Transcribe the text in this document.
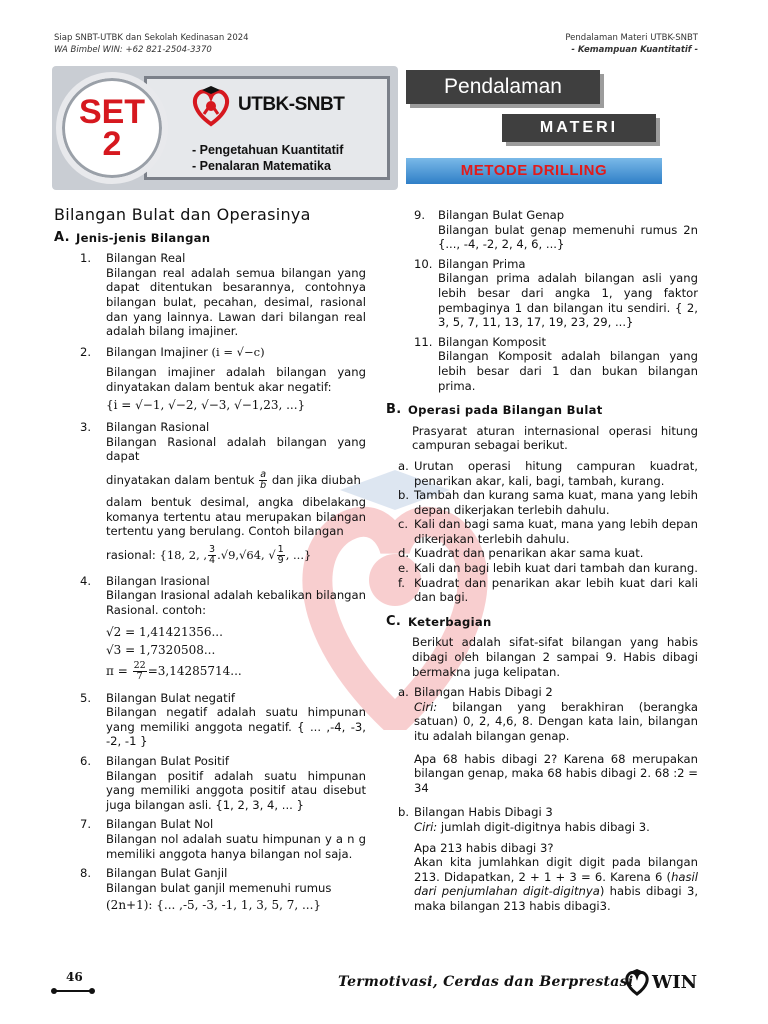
Siap SNBT-UTBK dan Sekolah Kedinasan 2024
WA Bimbel WIN: +62 821-2504-3370
Pendalaman Materi UTBK-SNBT
- Kemampuan Kuantitatif -
SET
2
UTBK-SNBT
- Pengetahuan Kuantitatif
- Penalaran Matematika
Pendalaman
MATERI
METODE DRILLING
Bilangan Bulat dan Operasinya
A. Jenis-jenis Bilangan
1.	Bilangan Real
Bilangan real adalah semua bilangan yang dapat ditentukan besarannya, contohnya bilangan bulat, pecahan, desimal, rasional dan yang lainnya. Lawan dari bilangan real adalah bilang imajiner.
2.	Bilangan Imajiner (i = √−c)
Bilangan imajiner adalah bilangan yang dinyatakan dalam bentuk akar negatif:
{i = √−1, √−2, √−3, √−1,23, ...}
3.	Bilangan Rasional
Bilangan Rasional adalah bilangan yang dapat
dinyatakan dalam bentuk $\frac{a}{b}$ dan jika diubah
dalam bentuk desimal, angka dibelakang komanya tertentu atau merupakan bilangan tertentu yang berulang. Contoh bilangan
rasional: {18, 2, , $\frac{3}{4} .√9,√64$, √ $\frac{1}{9}$ , ...}
4.	Bilangan Irasional
Bilangan Irasional adalah kebalikan bilangan Rasional. contoh:
√2 = 1,41421356...
√3 = 1,7320508...
$\pi = \frac{22}{7} =3,14285714$...
5.	Bilangan Bulat negatif
Bilangan negatif adalah suatu himpunan yang memiliki anggota negatif. { ... ,-4, -3, -2, -1 }
6.	Bilangan Bulat Positif
Bilangan positif adalah suatu himpunan yang memiliki anggota positif atau disebut juga bilangan asli. {1, 2, 3, 4, ... }
7.	Bilangan Bulat Nol
Bilangan nol adalah suatu himpunan y a n g memiliki anggota hanya bilangan nol saja.
8.	Bilangan Bulat Ganjil
Bilangan bulat ganjil memenuhi rumus
(2n+1): {... ,-5, -3, -1, 1, 3, 5, 7, ...}
9.	Bilangan Bulat Genap
Bilangan bulat genap memenuhi rumus 2n {..., -4, -2, 2, 4, 6, ...}
10. Bilangan Prima
Bilangan prima adalah bilangan asli yang lebih besar dari angka 1, yang faktor pembaginya 1 dan bilangan itu sendiri. { 2, 3, 5, 7, 11, 13, 17, 19, 23, 29, ...}
11. Bilangan Komposit
Bilangan Komposit adalah bilangan yang lebih besar dari 1 dan bukan bilangan prima.
B. Operasi pada Bilangan Bulat
Prasyarat aturan internasional operasi hitung campuran sebagai berikut.
a. Urutan operasi hitung campuran kuadrat, penarikan akar, kali, bagi, tambah, kurang.
b. Tambah dan kurang sama kuat, mana yang lebih depan dikerjakan terlebih dahulu.
c. Kali dan bagi sama kuat, mana yang lebih depan dikerjakan terlebih dahulu.
d. Kuadrat dan penarikan akar sama kuat.
e. Kali dan bagi lebih kuat dari tambah dan kurang.
f. Kuadrat dan penarikan akar lebih kuat dari kali dan bagi.
C. Keterbagian
Berikut adalah sifat-sifat bilangan yang habis dibagi oleh bilangan 2 sampai 9. Habis dibagi bermakna juga kelipatan.
a. Bilangan Habis Dibagi 2
Ciri: bilangan yang berakhiran (berangka satuan) 0, 2, 4,6, 8. Dengan kata lain, bilangan itu adalah bilangan genap.
Apa 68 habis dibagi 2? Karena 68 merupakan bilangan genap, maka 68 habis dibagi 2. 68 :2 = 34
b. Bilangan Habis Dibagi 3
Ciri: jumlah digit-digitnya habis dibagi 3.
Apa 213 habis dibagi 3?
Akan kita jumlahkan digit digit pada bilangan 213. Didapatkan, 2 + 1 + 3 = 6. Karena 6 (hasil dari penjumlahan digit-digitnya) habis dibagi 3, maka bilangan 213 habis dibagi3.
46	Termotivasi, Cerdas dan Berprestasi WIN
